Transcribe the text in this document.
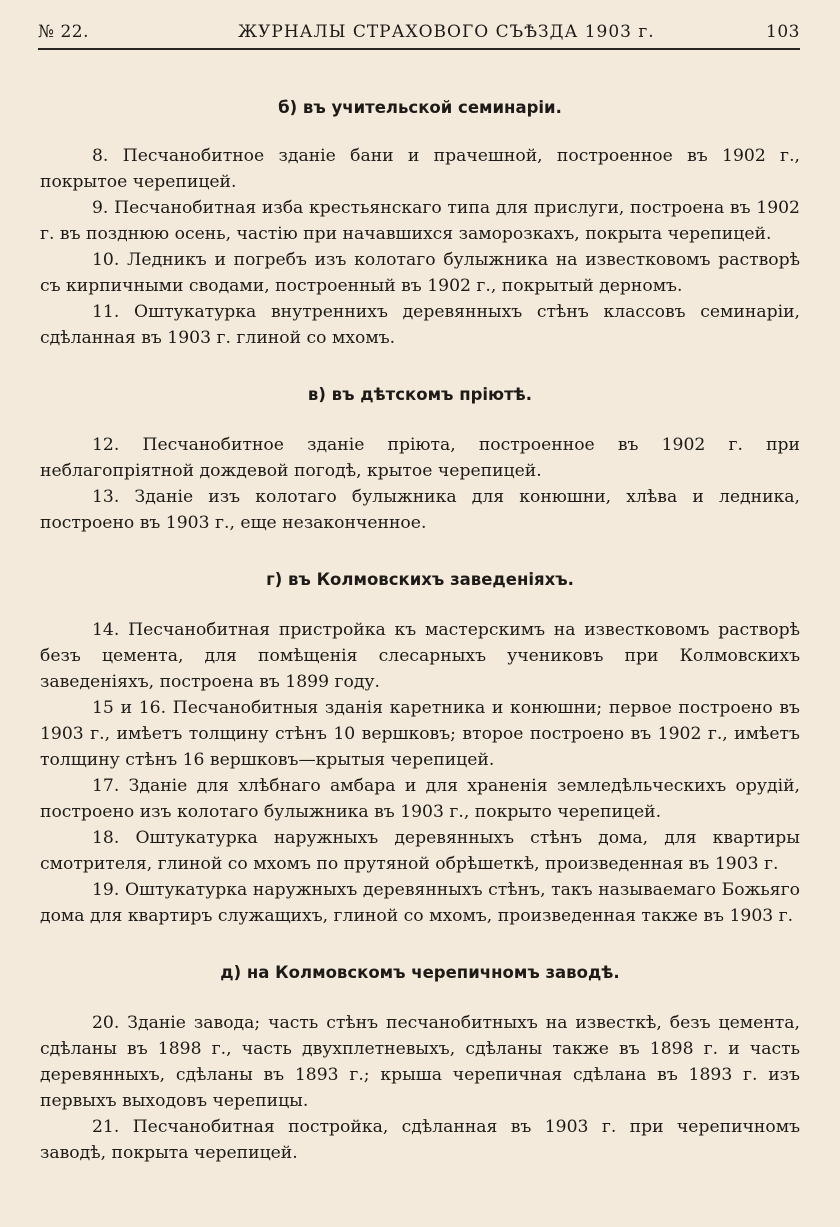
№ 22.	ЖУРНАЛЫ СТРАХОВОГО СЪѢЗДА 1903 г.	103
б) въ учительской семинаріи.

8. Песчанобитное зданіе бани и прачешной, построенное въ 1902 г., покрытое черепицей.

9. Песчанобитная изба крестьянскаго типа для прислуги, построена въ 1902 г. въ позднюю осень, частію при начавшихся заморозкахъ, покрыта черепицей.

10. Ледникъ и погребъ изъ колотаго булыжника на известковомъ растворѣ съ кирпичными сводами, построенный въ 1902 г., покрытый дерномъ.

11. Оштукатурка внутреннихъ деревянныхъ стѣнъ классовъ семинаріи, сдѣланная въ 1903 г. глиной со мхомъ.

в) въ дѣтскомъ пріютѣ.

12. Песчанобитное зданіе пріюта, построенное въ 1902 г. при неблагопріятной дождевой погодѣ, крытое черепицей.

13. Зданіе изъ колотаго булыжника для конюшни, хлѣва и ледника, построено въ 1903 г., еще незаконченное.

г) въ Колмовскихъ заведеніяхъ.

14. Песчанобитная пристройка къ мастерскимъ на известковомъ растворѣ безъ цемента, для помѣщенія слесарныхъ учениковъ при Колмовскихъ заведеніяхъ, построена въ 1899 году.

15 и 16. Песчанобитныя зданія каретника и конюшни; первое построено въ 1903 г., имѣетъ толщину стѣнъ 10 вершковъ; второе построено въ 1902 г., имѣетъ толщину стѣнъ 16 вершковъ—крытыя черепицей.

17. Зданіе для хлѣбнаго амбара и для храненія земледѣльческихъ орудій, построено изъ колотаго булыжника въ 1903 г., покрыто черепицей.

18. Оштукатурка наружныхъ деревянныхъ стѣнъ дома, для квартиры смотрителя, глиной со мхомъ по прутяной обрѣшеткѣ, произведенная въ 1903 г.

19. Оштукатурка наружныхъ деревянныхъ стѣнъ, такъ называемаго Божьяго дома для квартиръ служащихъ, глиной со мхомъ, произведенная также въ 1903 г.

д) на Колмовскомъ черепичномъ заводѣ.

20. Зданіе завода; часть стѣнъ песчанобитныхъ на известкѣ, безъ цемента, сдѣланы въ 1898 г., часть двухплетневыхъ, сдѣланы также въ 1898 г. и часть деревянныхъ, сдѣланы въ 1893 г.; крыша черепичная сдѣлана въ 1893 г. изъ первыхъ выходовъ черепицы.

21. Песчанобитная постройка, сдѣланная въ 1903 г. при черепичномъ заводѣ, покрыта черепицей.
